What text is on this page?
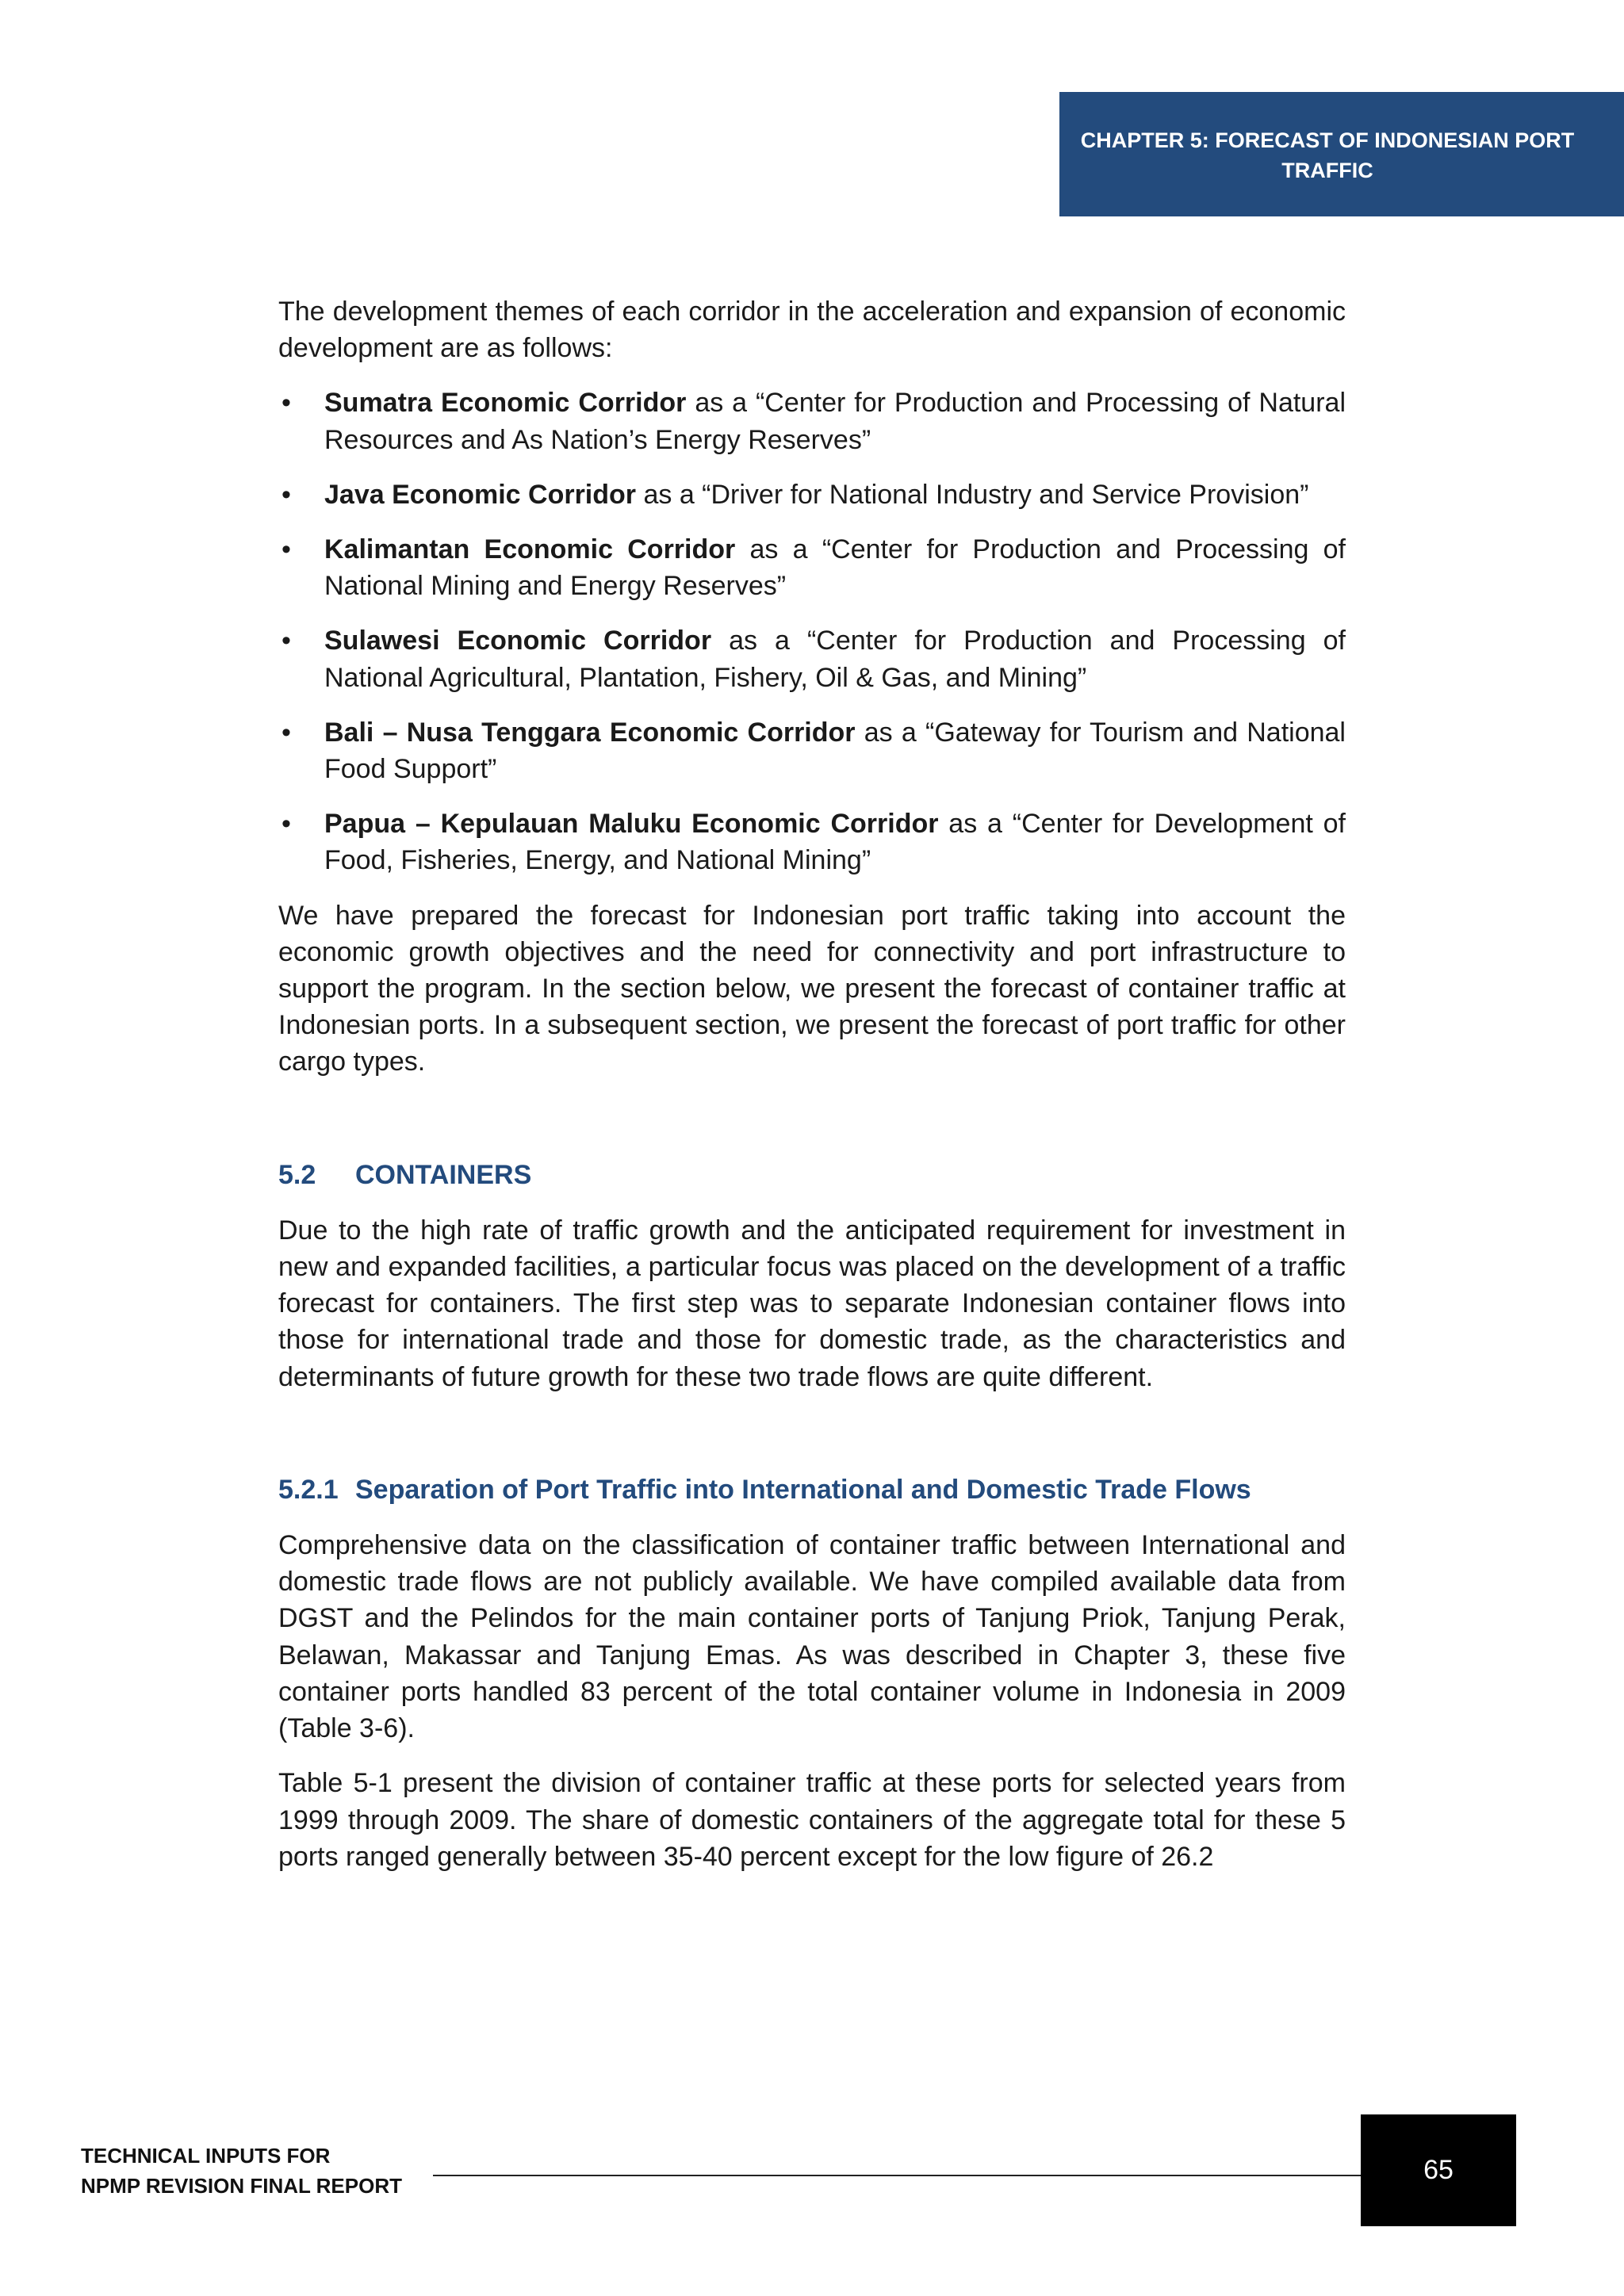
CHAPTER 5: FORECAST OF INDONESIAN PORT
TRAFFIC

The development themes of each corridor in the acceleration and expansion of economic development are as follows:

• Sumatra Economic Corridor as a “Center for Production and Processing of Natural Resources and As Nation’s Energy Reserves”
• Java Economic Corridor as a “Driver for National Industry and Service Provision”
• Kalimantan Economic Corridor as a “Center for Production and Processing of National Mining and Energy Reserves”
• Sulawesi Economic Corridor as a “Center for Production and Processing of National Agricultural, Plantation, Fishery, Oil & Gas, and Mining”
• Bali – Nusa Tenggara Economic Corridor as a “Gateway for Tourism and National Food Support”
• Papua – Kepulauan Maluku Economic Corridor as a “Center for Development of Food, Fisheries, Energy, and National Mining”

We have prepared the forecast for Indonesian port traffic taking into account the economic growth objectives and the need for connectivity and port infrastructure to support the program. In the section below, we present the forecast of container traffic at Indonesian ports. In a subsequent section, we present the forecast of port traffic for other cargo types.

5.2 CONTAINERS

Due to the high rate of traffic growth and the anticipated requirement for investment in new and expanded facilities, a particular focus was placed on the development of a traffic forecast for containers. The first step was to separate Indonesian container flows into those for international trade and those for domestic trade, as the characteristics and determinants of future growth for these two trade flows are quite different.

5.2.1 Separation of Port Traffic into International and Domestic Trade Flows

Comprehensive data on the classification of container traffic between International and domestic trade flows are not publicly available. We have compiled available data from DGST and the Pelindos for the main container ports of Tanjung Priok, Tanjung Perak, Belawan, Makassar and Tanjung Emas. As was described in Chapter 3, these five container ports handled 83 percent of the total container volume in Indonesia in 2009 (Table 3-6).

Table 5-1 present the division of container traffic at these ports for selected years from 1999 through 2009. The share of domestic containers of the aggregate total for these 5 ports ranged generally between 35-40 percent except for the low figure of 26.2

TECHNICAL INPUTS FOR
NPMP REVISION FINAL REPORT
65
